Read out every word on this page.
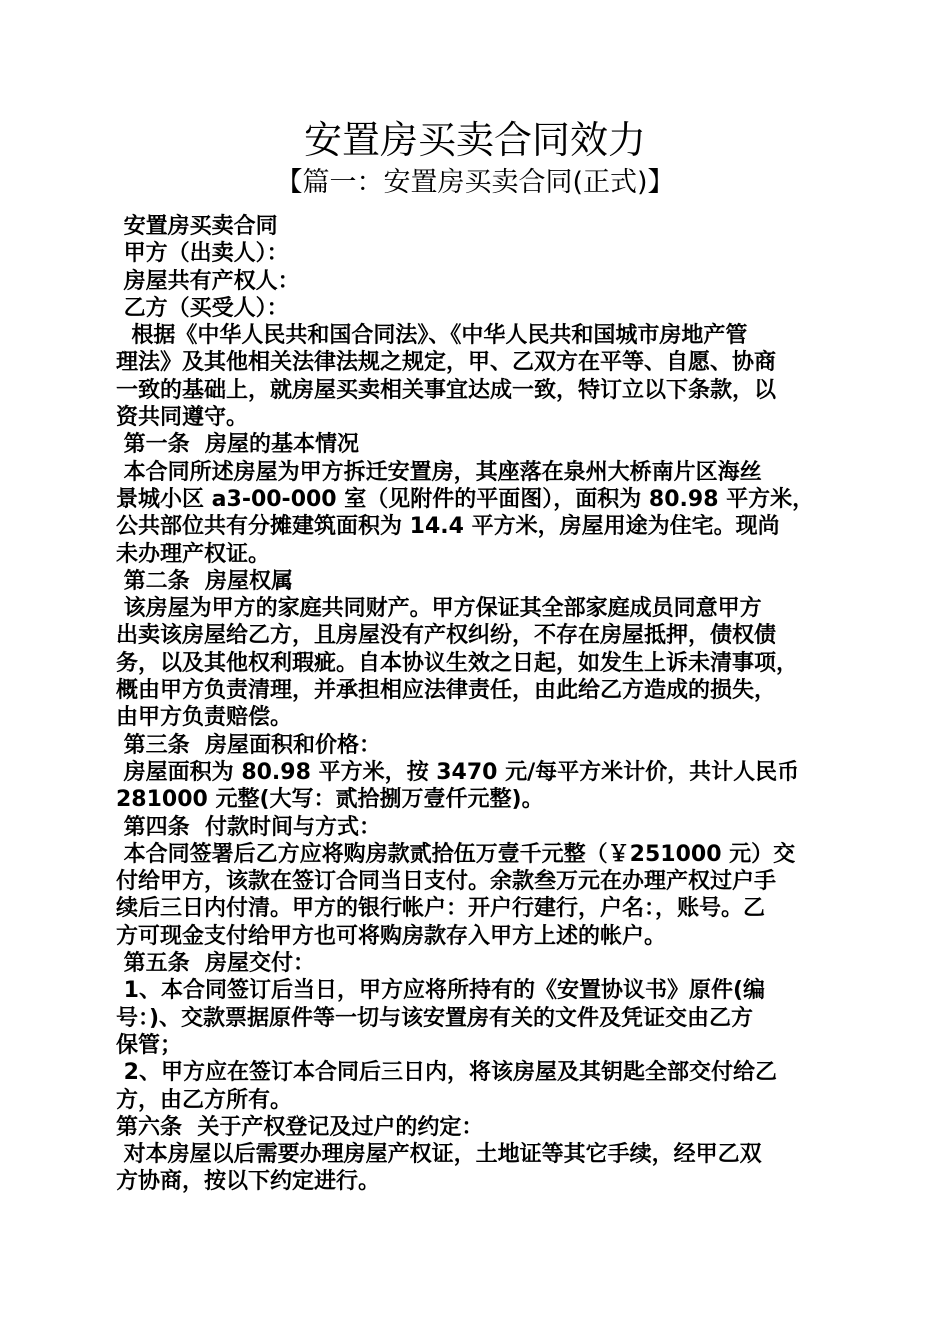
安置房买卖合同效力
【篇一：安置房买卖合同(正式)】
安置房买卖合同
甲方（出卖人）：
房屋共有产权人：
乙方（买受人）：
根据《中华人民共和国合同法》、《中华人民共和国城市房地产管
理法》及其他相关法律法规之规定，甲、乙双方在平等、自愿、协商
一致的基础上，就房屋买卖相关事宜达成一致，特订立以下条款，以
资共同遵守。
第一条  房屋的基本情况
本合同所述房屋为甲方拆迁安置房，其座落在泉州大桥南片区海丝
景城小区 a3-00-000 室（见附件的平面图），面积为 80.98 平方米，
公共部位共有分摊建筑面积为 14.4 平方米，房屋用途为住宅。现尚
未办理产权证。
第二条  房屋权属
该房屋为甲方的家庭共同财产。甲方保证其全部家庭成员同意甲方
出卖该房屋给乙方，且房屋没有产权纠纷，不存在房屋抵押，债权债
务，以及其他权利瑕疵。自本协议生效之日起，如发生上诉未清事项，
概由甲方负责清理，并承担相应法律责任，由此给乙方造成的损失，
由甲方负责赔偿。
第三条  房屋面积和价格：
房屋面积为 80.98 平方米，按 3470 元/每平方米计价，共计人民币
281000 元整(大写：贰拾捌万壹仟元整)。
第四条  付款时间与方式：
本合同签署后乙方应将购房款贰拾伍万壹千元整（￥251000 元）交
付给甲方，该款在签订合同当日支付。余款叁万元在办理产权过户手
续后三日内付清。甲方的银行帐户：开户行建行，户名：，账号。乙
方可现金支付给甲方也可将购房款存入甲方上述的帐户。
第五条  房屋交付：
1、本合同签订后当日，甲方应将所持有的《安置协议书》原件(编
号：)、交款票据原件等一切与该安置房有关的文件及凭证交由乙方
保管；
2、甲方应在签订本合同后三日内，将该房屋及其钥匙全部交付给乙
方，由乙方所有。
第六条  关于产权登记及过户的约定：
对本房屋以后需要办理房屋产权证，土地证等其它手续，经甲乙双
方协商，按以下约定进行。
